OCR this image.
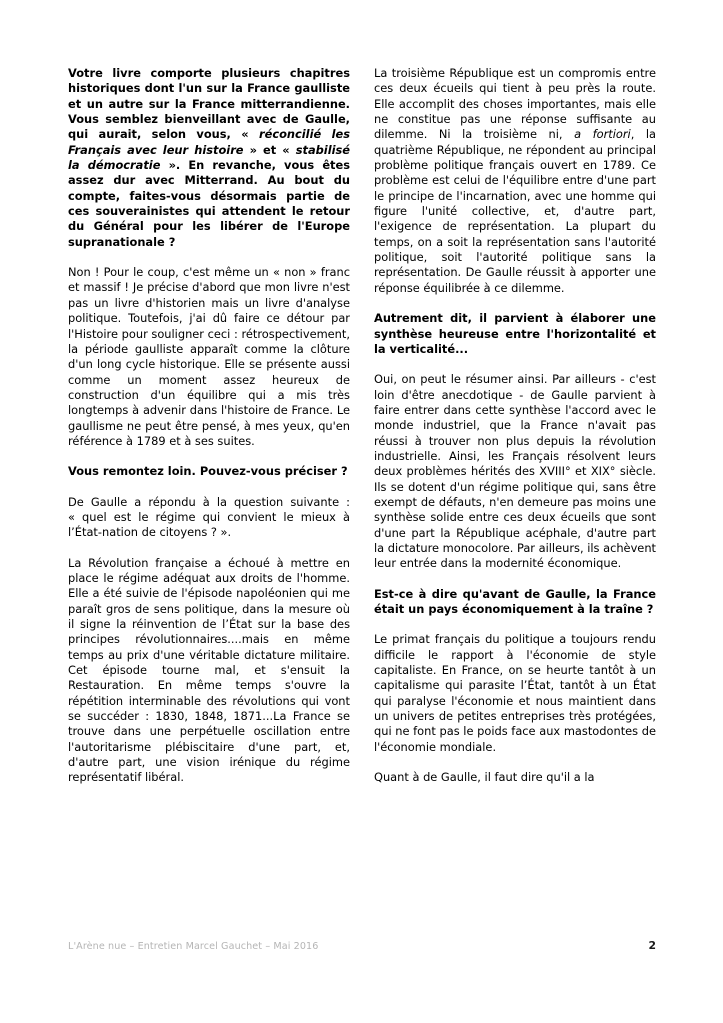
Votre livre comporte plusieurs chapitres historiques dont l'un sur la France gaulliste et un autre sur la France mitterrandienne. Vous semblez bienveillant avec de Gaulle, qui aurait, selon vous, « réconcilié les Français avec leur histoire » et « stabilisé la démocratie ». En revanche, vous êtes assez dur avec Mitterrand. Au bout du compte, faites-vous désormais partie de ces souverainistes qui attendent le retour du Général pour les libérer de l'Europe supranationale ?

Non ! Pour le coup, c'est même un « non » franc et massif ! Je précise d'abord que mon livre n'est pas un livre d'historien mais un livre d'analyse politique. Toutefois, j'ai dû faire ce détour par l'Histoire pour souligner ceci : rétrospectivement, la période gaulliste apparaît comme la clôture d'un long cycle historique. Elle se présente aussi comme un moment assez heureux de construction d'un équilibre qui a mis très longtemps à advenir dans l'histoire de France. Le gaullisme ne peut être pensé, à mes yeux, qu'en référence à 1789 et à ses suites.

Vous remontez loin. Pouvez-vous préciser ?

De Gaulle a répondu à la question suivante : « quel est le régime qui convient le mieux à l’État-nation de citoyens ? ».

La Révolution française a échoué à mettre en place le régime adéquat aux droits de l'homme. Elle a été suivie de l'épisode napoléonien qui me paraît gros de sens politique, dans la mesure où il signe la réinvention de l’État sur la base des principes révolutionnaires....mais en même temps au prix d'une véritable dictature militaire. Cet épisode tourne mal, et s'ensuit la Restauration. En même temps s'ouvre la répétition interminable des révolutions qui vont se succéder : 1830, 1848, 1871...La France se trouve dans une perpétuelle oscillation entre l'autoritarisme plébiscitaire d'une part, et, d'autre part, une vision irénique du régime représentatif libéral.

La troisième République est un compromis entre ces deux écueils qui tient à peu près la route. Elle accomplit des choses importantes, mais elle ne constitue pas une réponse suffisante au dilemme. Ni la troisième ni, a fortiori, la quatrième République, ne répondent au principal problème politique français ouvert en 1789. Ce problème est celui de l'équilibre entre d'une part le principe de l'incarnation, avec une homme qui figure l'unité collective, et, d'autre part, l'exigence de représentation. La plupart du temps, on a soit la représentation sans l'autorité politique, soit l'autorité politique sans la représentation. De Gaulle réussit à apporter une réponse équilibrée à ce dilemme.

Autrement dit, il parvient à élaborer une synthèse heureuse entre l'horizontalité et la verticalité...

Oui, on peut le résumer ainsi. Par ailleurs - c'est loin d'être anecdotique - de Gaulle parvient à faire entrer dans cette synthèse l'accord avec le monde industriel, que la France n'avait pas réussi à trouver non plus depuis la révolution industrielle. Ainsi, les Français résolvent leurs deux problèmes hérités des XVIII° et XIX° siècle. Ils se dotent d'un régime politique qui, sans être exempt de défauts, n'en demeure pas moins une synthèse solide entre ces deux écueils que sont d'une part la République acéphale, d'autre part la dictature monocolore. Par ailleurs, ils achèvent leur entrée dans la modernité économique.

Est-ce à dire qu'avant de Gaulle, la France était un pays économiquement à la traîne ?

Le primat français du politique a toujours rendu difficile le rapport à l'économie de style capitaliste. En France, on se heurte tantôt à un capitalisme qui parasite l’État, tantôt à un État qui paralyse l'économie et nous maintient dans un univers de petites entreprises très protégées, qui ne font pas le poids face aux mastodontes de l'économie mondiale.

Quant à de Gaulle, il faut dire qu'il a la

L'Arène nue – Entretien Marcel Gauchet – Mai 2016	2
